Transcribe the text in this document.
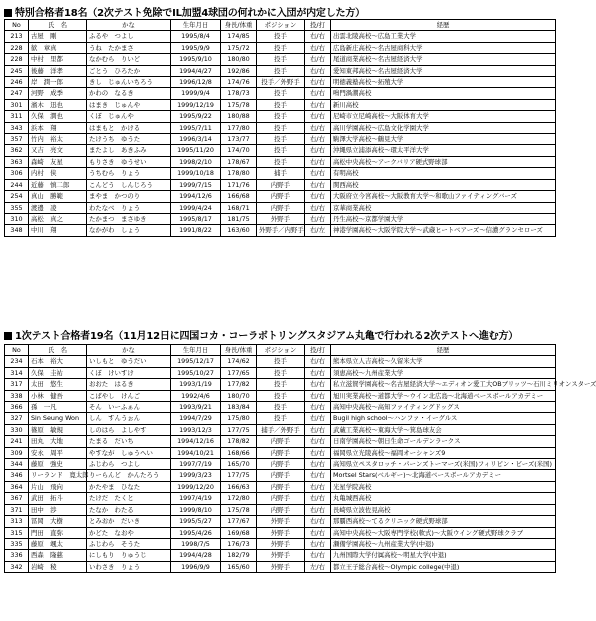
特別合格者18名（2次テスト免除でIL加盟4球団の何れかに入団が内定した方）
No	氏　名	かな	生年月日	身長/体重	ポジション	投/打	経歴
213	古屋　剛	ふるや　つよし	1995/8/4	174/85	投手	右/右	出雲北陵高校～広島工業大学
228	歓　章真	うね　たかまさ	1995/9/9	175/72	投手	右/右	広島新庄高校～名古屋商科大学
228	中村　里都	なかむら　りいど	1995/9/10	180/80	投手	右/右	尾道商業高校～名古屋経済大学
245	後藤　洋孝	ごとう　ひろたか	1994/4/27	192/86	投手	右/右	愛知東邦高校～名古屋経済大学
246	岸　潤一郎	きし　じゅんいちろう	1996/12/8	174/76	投手／外野手	右/右	明徳義塾高校～拓殖大学
247	河野　成季	かわの　なるき	1999/9/4	178/73	投手	右/右	鳴門渦潮高校
301	濱木　迅也	はまき　じゅんや	1999/12/19	175/78	投手	右/右	新川高校
311	久保　潤也	くぼ　じゅんや	1995/9/22	180/88	投手	右/右	尼崎市立尼崎高校～大阪体育大学
343	浜本　翔	はまもと　かける	1995/7/11	177/80	投手	右/右	高川学園高校～広島文化学園大学
357	竹内　裕太	たけうち　ゆうた	1996/3/14	173/77	投手	右/右	駒澤大学高校～鶴見大学
362	又吉　亮文	またよし　あきふみ	1995/11/20	174/70	投手	右/右	沖縄県立浦添高校～環太平洋大学
363	森崎　友星	もりさき　ゆうせい	1998/2/10	178/67	投手	右/右	高松中央高校～アークバリア硬式野球部
306	内村　侠	うちむら　りょう	1999/10/18	178/80	捕手	右/右	有明高校
244	近藤　慎二郎	こんどう　しんじろう	1999/7/15	171/76	内野手	右/右	関西高校
254	真山　勝範	まやま　かつのり	1994/12/6	166/68	内野手	右/右	大阪府立今宮高校～大阪教育大学～和歌山ファイティングバーズ
355	渡邊　凌	わたなべ　りょう	1999/4/24	168/71	内野手	右/右	京華商業高校
310	高松　真之	たかまつ　まさゆき	1995/8/17	181/75	外野手	右/右	丹生高校～京都学園大学
348	中川　翔	なかがわ　しょう	1991/8/22	163/60	外野手／内野手	右/左	神港学園高校～大阪学院大学～武蔵ヒートベアーズ～信濃グランセローズ
1次テスト合格者19名（11月12日に四国コカ・コーラボトリングスタジアム丸亀で行われる2次テストへ進む方）
No	氏　名	かな	生年月日	身長/体重	ポジション	投/打	経歴
234	石本　裕大	いしもと　ゆうだい	1995/12/17	174/62	投手	右/右	熊本県立人吉高校～久留米大学
314	久保　圭祐	くぼ　けいすけ	1995/10/27	177/65	投手	右/右	須恵高校～九州産業大学
317	太田　悠生	おおた　はるき	1993/1/19	177/82	投手	右/右	私立滋賀学園高校～名古屋経済大学～エディオン愛工大OBブリッツ～石川ミリオンスターズ
338	小林　健吾	こばやし　けんご	1992/4/6	180/70	投手	右/右	旭川実業高校～道都大学～ウイン北広島～北海道ベースボールアカデミー
366	孫　一凡	そん　いーふぁん	1993/9/21	183/84	投手	右/右	高知中央高校～高知ファイティングドッグス
327	Sin Seung Won	しん　すんうぉん	1994/7/29	175/80	投手	右/右	Bugil high school～ハンファ・イーグルス
330	篠原　敏規	しのはら　よしやす	1993/12/3	177/75	捕手／外野手	右/右	武蔵工業高校～東海大学～箕島球友会
241	田丸　大地	たまる　だいち	1994/12/16	178/82	内野手	右/右	日南学園高校～朝日生命ゴールデンラークス
309	安永　周平	やすなが　しゅうへい	1994/10/21	168/66	内野手	右/右	福岡県立光陵高校～福岡オーシャンズ9
344	藤原　強史	ふじわら　つよし	1997/7/19	165/70	内野手	右/右	高知県立ペスタロッチ・パーンズトーマーズ(米国)フィリピン・ビーズ(米国)
346	リーランド　寛太郎	りーらんど　かんたろう	1999/3/23	177/75	内野手	右/右	Mortsel Stars(ベルギー)～北海道ベースボールアカデミー
364	片山　飛向	かたやま　ひなた	1999/12/20	166/63	内野手	右/右	光星学院高校
367	武田　拓斗	たけだ　たくと	1997/4/19	172/80	内野手	右/右	丸亀城西高校
371	田中　渉	たなか　わたる	1999/8/10	175/78	内野手	右/右	長崎県立波佐見高校
313	冨岡　大樹	とみおか　だいき	1995/5/27	177/67	外野手	右/右	那覇西高校～てるクリニック硬式野球部
315	門田　直弥	かどた　なおや	1995/4/26	169/68	外野手	右/右	高知中央高校～大阪専門学校(軟式)～大阪ウイング硬式野球クラブ
335	藤原　颯太	ふじわら　そうた	1998/7/5	176/73	外野手	右/右	瀬備学園高校～九州産業大学(中退)
336	西森　隆慈	にしもり　りゅうじ	1994/4/28	182/79	外野手	右/右	九州国際大学付属高校～明星大学(中退)
342	岩崎　稜	いわさき　りょう	1996/9/9	165/60	外野手	左/右	都立王子総合高校～Olympic college(中退)
